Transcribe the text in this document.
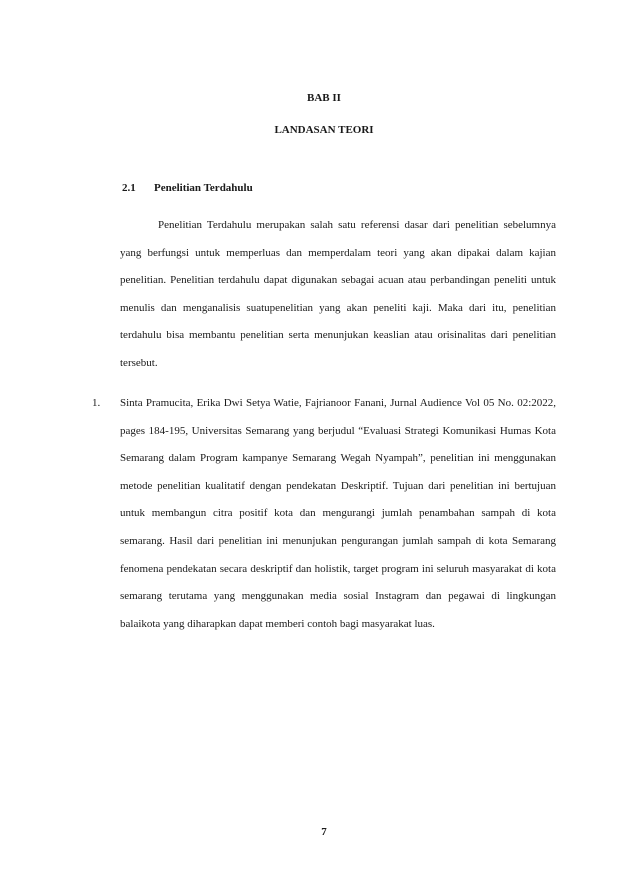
BAB II
LANDASAN TEORI
2.1 Penelitian Terdahulu

Penelitian Terdahulu merupakan salah satu referensi dasar dari penelitian sebelumnya yang berfungsi untuk memperluas dan memperdalam teori yang akan dipakai dalam kajian penelitian. Penelitian terdahulu dapat digunakan sebagai acuan atau perbandingan peneliti untuk menulis dan menganalisis suatupenelitian yang akan peneliti kaji. Maka dari itu, penelitian terdahulu bisa membantu penelitian serta menunjukan keaslian atau orisinalitas dari penelitian tersebut.

1. Sinta Pramucita, Erika Dwi Setya Watie, Fajrianoor Fanani, Jurnal Audience Vol 05 No. 02:2022, pages 184-195, Universitas Semarang yang berjudul “Evaluasi Strategi Komunikasi Humas Kota Semarang dalam Program kampanye Semarang Wegah Nyampah”, penelitian ini menggunakan metode penelitian kualitatif dengan pendekatan Deskriptif. Tujuan dari penelitian ini bertujuan untuk membangun citra positif kota dan mengurangi jumlah penambahan sampah di kota semarang. Hasil dari penelitian ini menunjukan pengurangan jumlah sampah di kota Semarang fenomena pendekatan secara deskriptif dan holistik, target program ini seluruh masyarakat di kota semarang terutama yang menggunakan media sosial Instagram dan pegawai di lingkungan balaikota yang diharapkan dapat memberi contoh bagi masyarakat luas.
7
